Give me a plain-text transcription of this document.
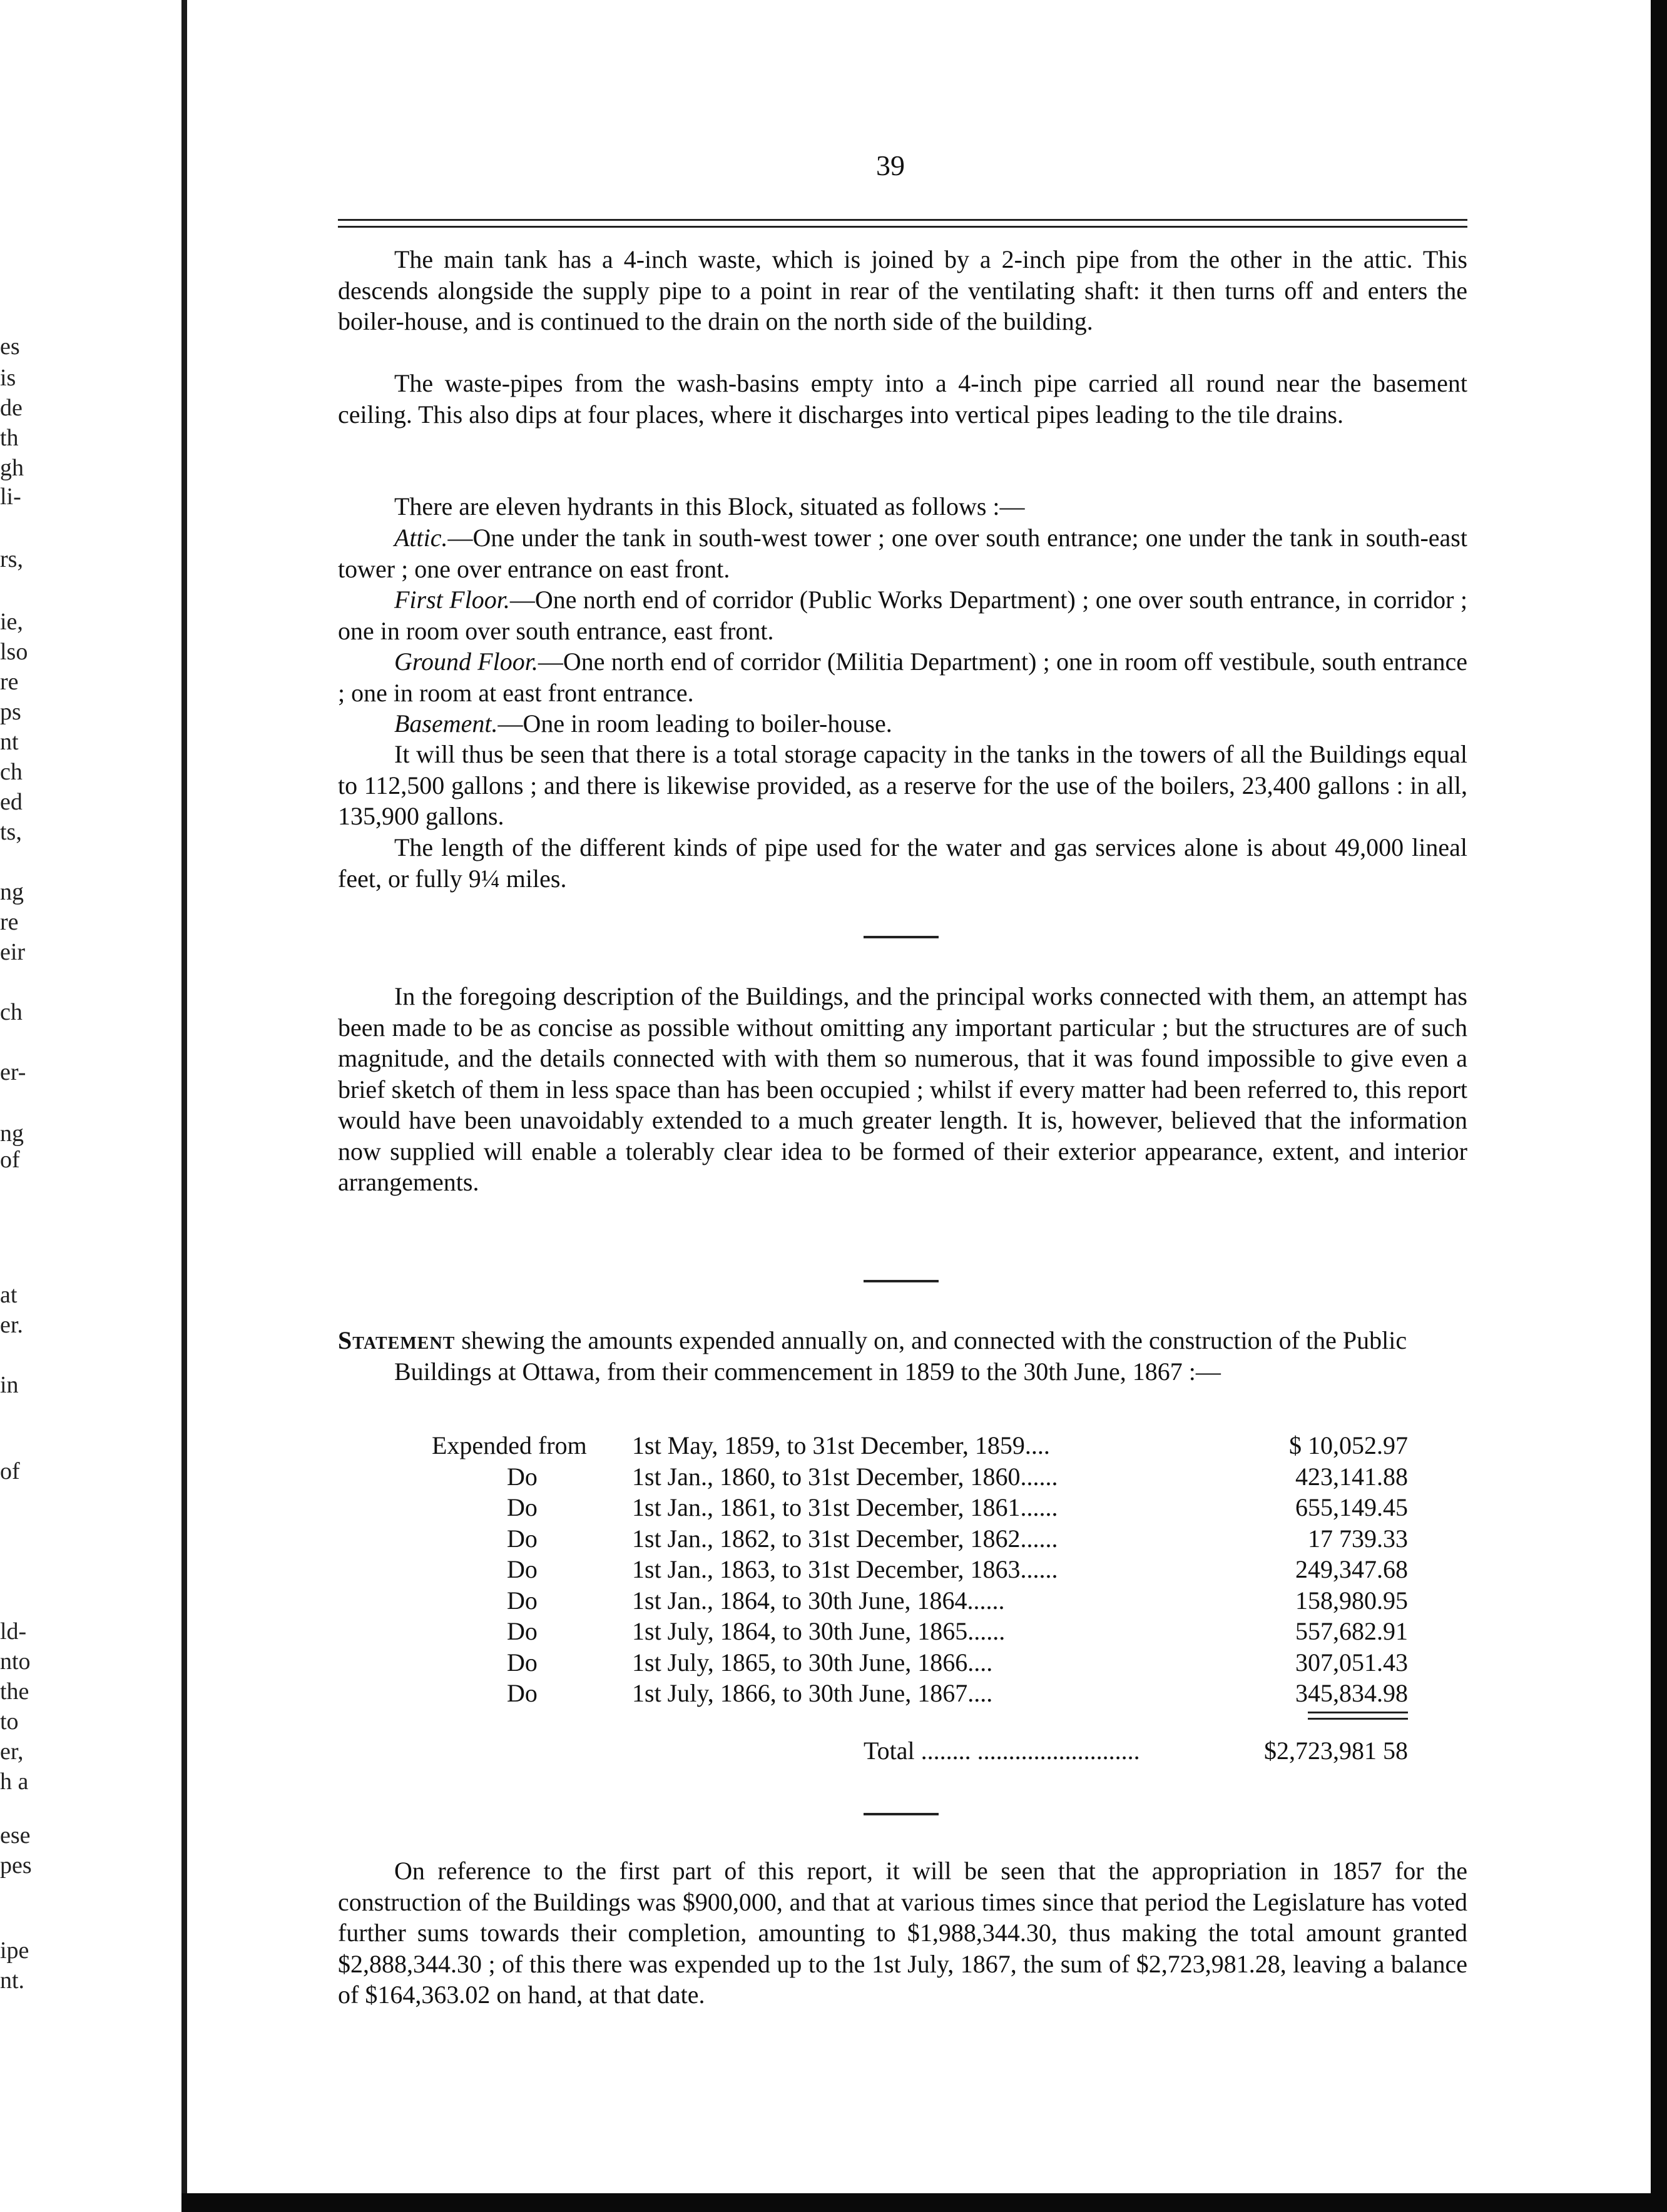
es
is
de
th
gh
li-
rs,
ie,
lso
re
ps
nt
ch
ed
ts,
ng
re
eir
ch
er-
ng
of
at
er.
in
of
ld-
nto
the
to
er,
h a
ese
pes
ipe
nt.
39

The main tank has a 4-inch waste, which is joined by a 2-inch pipe from the other in the attic. This descends alongside the supply pipe to a point in rear of the ventilating shaft: it then turns off and enters the boiler-house, and is continued to the drain on the north side of the building.

The waste-pipes from the wash-basins empty into a 4-inch pipe carried all round near the basement ceiling. This also dips at four places, where it discharges into vertical pipes leading to the tile drains.

There are eleven hydrants in this Block, situated as follows :—

Attic.—One under the tank in south-west tower ; one over south entrance; one under the tank in south-east tower ; one over entrance on east front.

First Floor.—One north end of corridor (Public Works Department) ; one over south entrance, in corridor ; one in room over south entrance, east front.

Ground Floor.—One north end of corridor (Militia Department) ; one in room off vestibule, south entrance ; one in room at east front entrance.

Basement.—One in room leading to boiler-house.

It will thus be seen that there is a total storage capacity in the tanks in the towers of all the Buildings equal to 112,500 gallons ; and there is likewise provided, as a reserve for the use of the boilers, 23,400 gallons : in all, 135,900 gallons.

The length of the different kinds of pipe used for the water and gas services alone is about 49,000 lineal feet, or fully 9¼ miles.

In the foregoing description of the Buildings, and the principal works connected with them, an attempt has been made to be as concise as possible without omitting any important particular ; but the structures are of such magnitude, and the details connected with with them so numerous, that it was found impossible to give even a brief sketch of them in less space than has been occupied ; whilst if every matter had been referred to, this report would have been unavoidably extended to a much greater length. It is, however, believed that the information now supplied will enable a tolerably clear idea to be formed of their exterior appearance, extent, and interior arrangements.

Statement shewing the amounts expended annually on, and connected with the construction of the Public Buildings at Ottawa, from their commencement in 1859 to the 30th June, 1867 :—
Expended from 1st May, 1859, to 31st December, 1859....	$ 10,052.97
Do	1st Jan., 1860, to 31st December, 1860......	423,141.88
Do	1st Jan., 1861, to 31st December, 1861......	655,149.45
Do	1st Jan., 1862, to 31st December, 1862......	17 739.33
Do	1st Jan., 1863, to 31st December, 1863......	249,347.68
Do	1st Jan., 1864, to 30th June, 1864......	158,980.95
Do	1st July, 1864, to 30th June, 1865......	557,682.91
Do	1st July, 1865, to 30th June, 1866....	307,051.43
Do	1st July, 1866, to 30th June, 1867....	345,834.98
Total ........ ..........................	$2,723,981 58

On reference to the first part of this report, it will be seen that the appropriation in 1857 for the construction of the Buildings was $900,000, and that at various times since that period the Legislature has voted further sums towards their completion, amounting to $1,988,344.30, thus making the total amount granted $2,888,344.30 ; of this there was expended up to the 1st July, 1867, the sum of $2,723,981.28, leaving a balance of $164,363.02 on hand, at that date.
